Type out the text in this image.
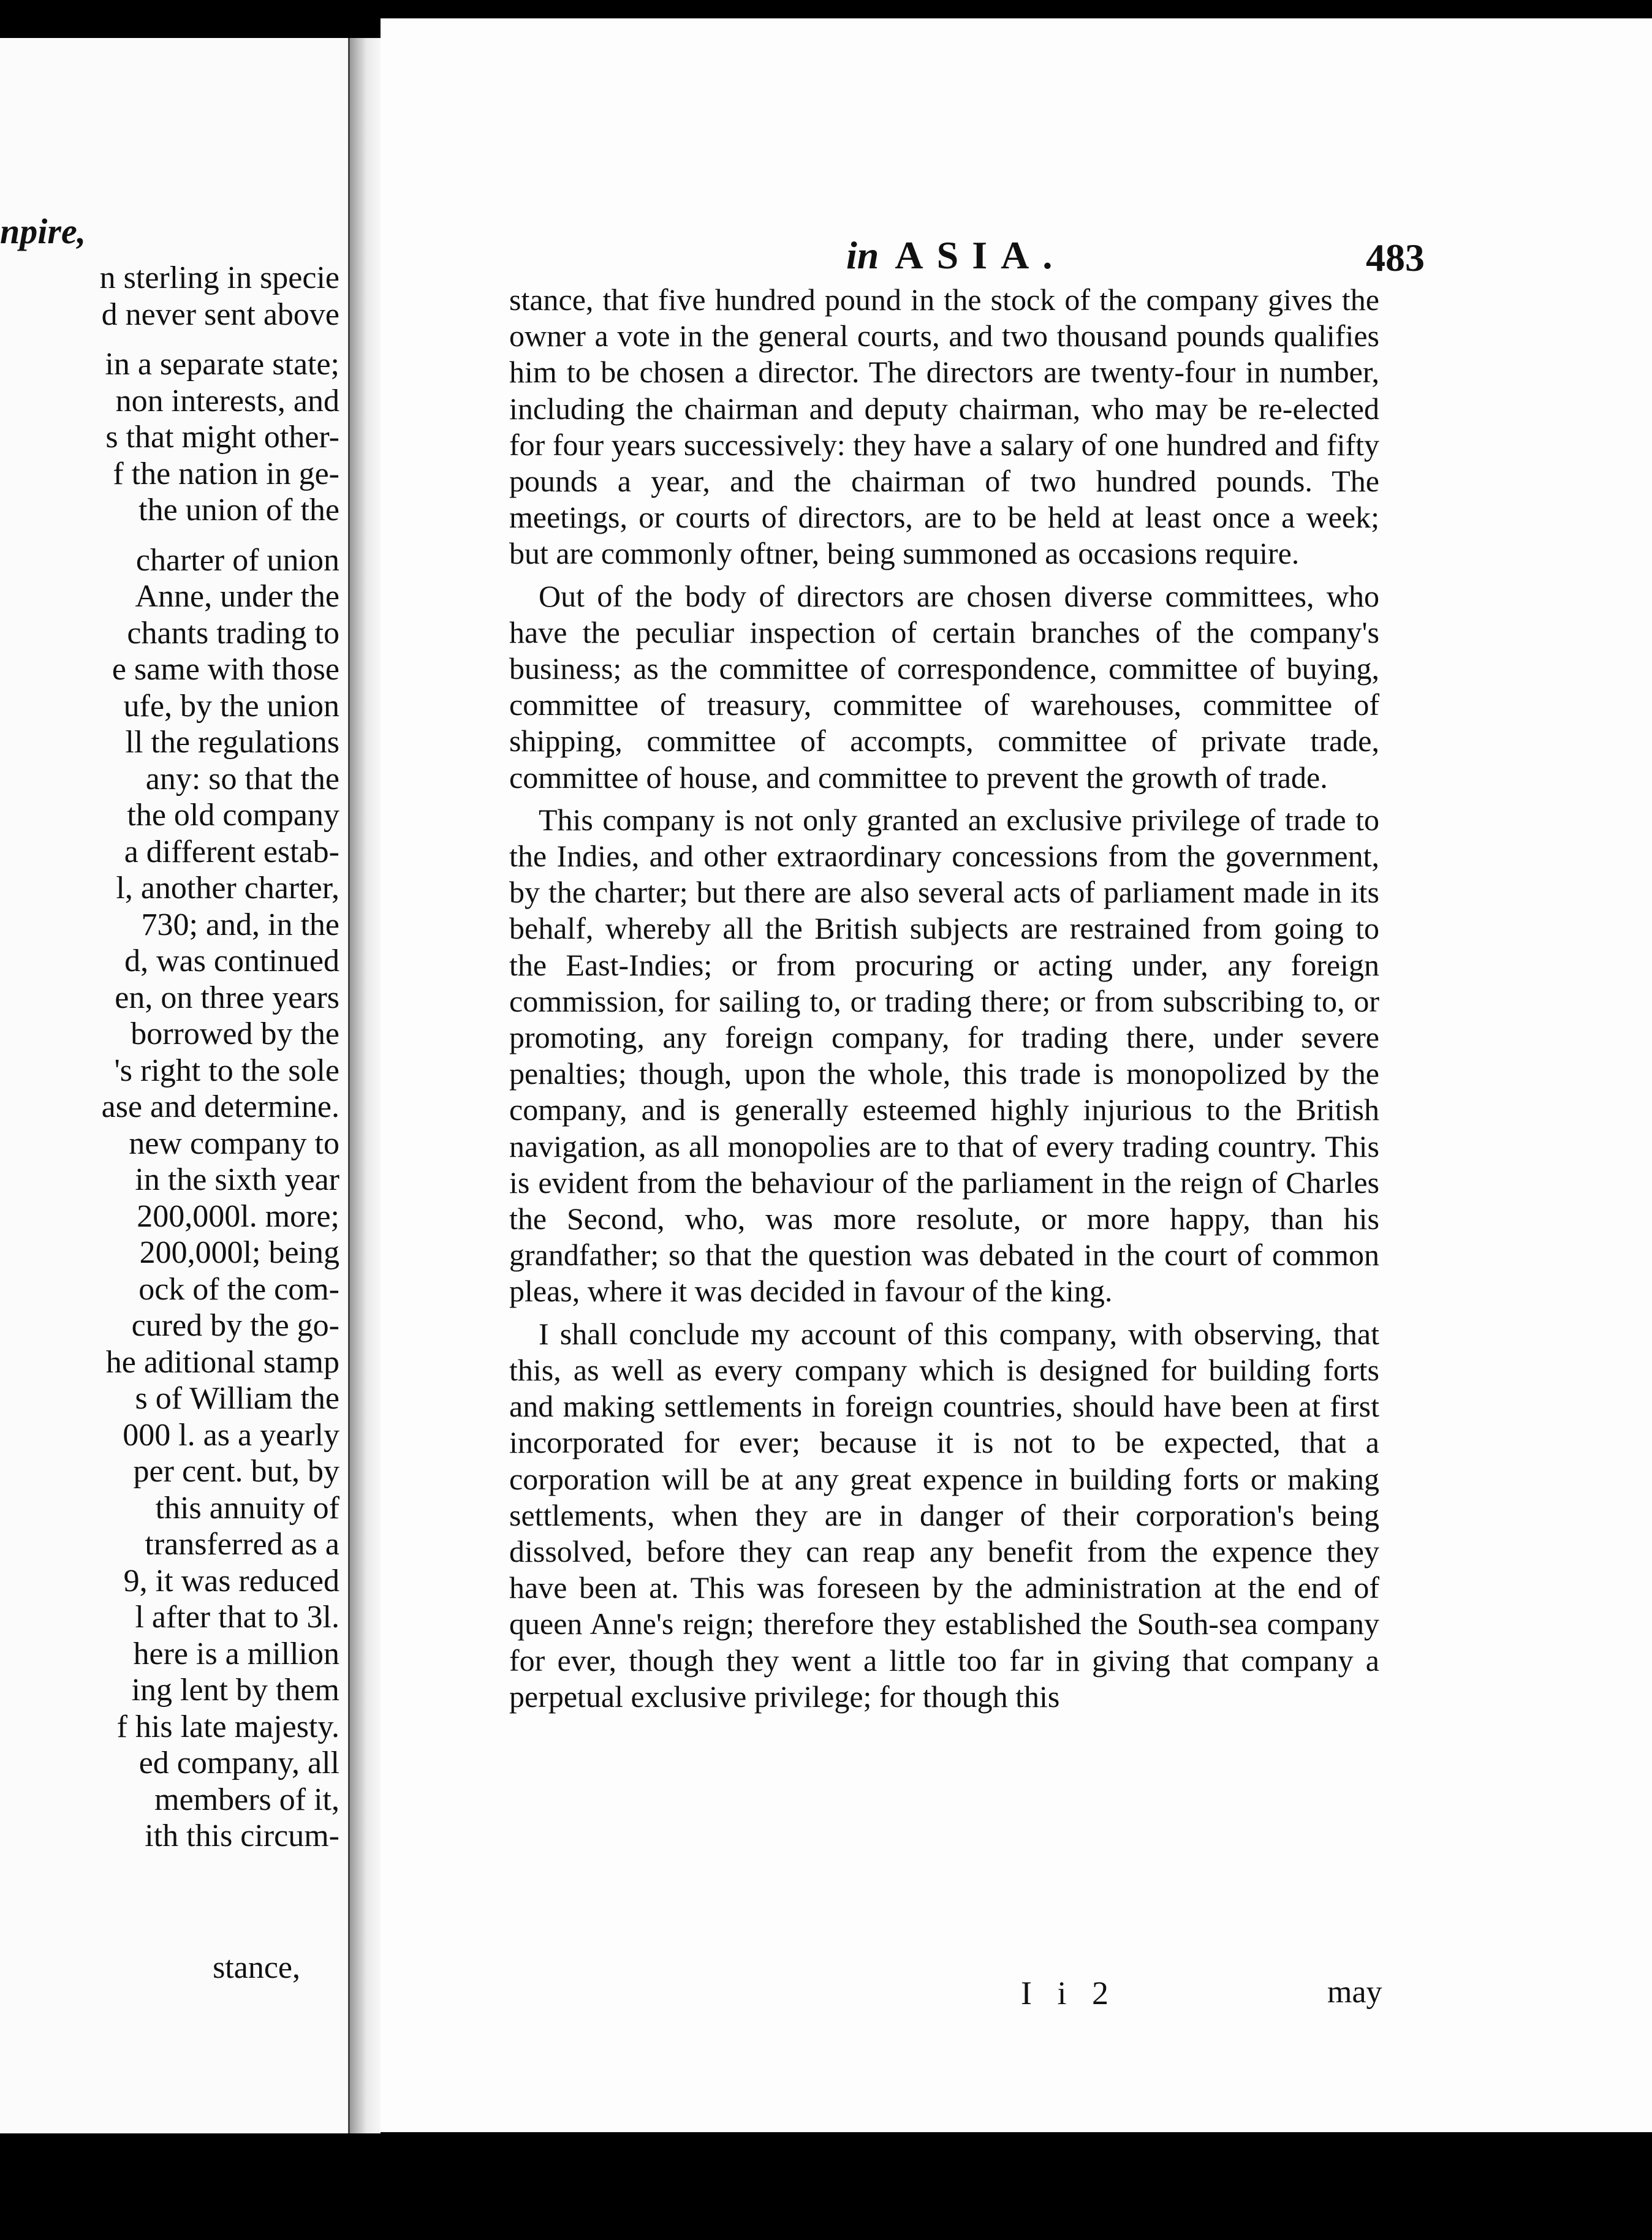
npire,
n sterling in specie
d never sent above
in a separate state;
non interests, and
s that might other-
f the nation in ge-
the union of the
charter of union
Anne, under the
chants trading to
e same with those
ufe, by the union
ll the regulations
any: so that the
the old company
a different estab-
l, another charter,
730; and, in the
d, was continued
en, on three years
borrowed by the
's right to the sole
ase and determine.
new company to
in the sixth year
200,000l. more;
200,000l; being
ock of the com-
cured by the go-
he aditional stamp
s of William the
000 l. as a yearly
per cent. but, by
this annuity of
transferred as a
9, it was reduced
l after that to 3l.
here is a million
ing lent by them
f his late majesty.
ed company, all
members of it,
ith this circum-
stance,
in ASIA.	483

stance, that five hundred pound in the stock of the company gives the owner a vote in the general courts, and two thousand pounds qualifies him to be chosen a director. The directors are twenty-four in number, including the chairman and deputy chairman, who may be re-elected for four years successively: they have a salary of one hundred and fifty pounds a year, and the chairman of two hundred pounds. The meetings, or courts of directors, are to be held at least once a week; but are commonly oftner, being summoned as occasions require.

Out of the body of directors are chosen diverse committees, who have the peculiar inspection of certain branches of the company's business; as the committee of correspondence, committee of buying, committee of treasury, committee of warehouses, committee of shipping, committee of accompts, committee of private trade, committee of house, and committee to prevent the growth of trade.

This company is not only granted an exclusive privilege of trade to the Indies, and other extraordinary concessions from the government, by the charter; but there are also several acts of parliament made in its behalf, whereby all the British subjects are restrained from going to the East-Indies; or from procuring or acting under, any foreign commission, for sailing to, or trading there; or from subscribing to, or promoting, any foreign company, for trading there, under severe penalties; though, upon the whole, this trade is monopolized by the company, and is generally esteemed highly injurious to the British navigation, as all monopolies are to that of every trading country. This is evident from the behaviour of the parliament in the reign of Charles the Second, who, was more resolute, or more happy, than his grandfather; so that the question was debated in the court of common pleas, where it was decided in favour of the king.

I shall conclude my account of this company, with observing, that this, as well as every company which is designed for building forts and making settlements in foreign countries, should have been at first incorporated for ever; because it is not to be expected, that a corporation will be at any great expence in building forts or making settlements, when they are in danger of their corporation's being dissolved, before they can reap any benefit from the expence they have been at. This was foreseen by the administration at the end of queen Anne's reign; therefore they established the South-sea company for ever, though they went a little too far in giving that company a perpetual exclusive privilege; for though this

I i 2	may
